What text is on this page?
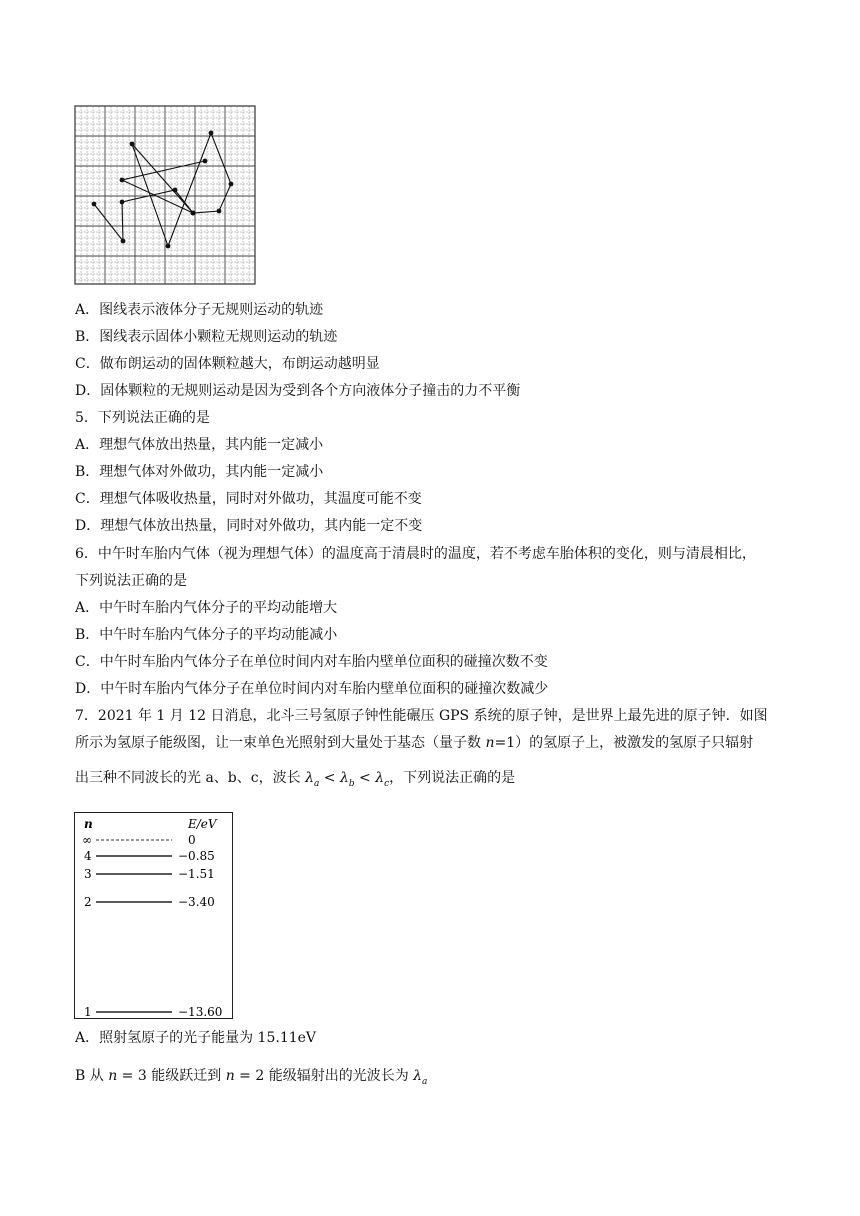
A．图线表示液体分子无规则运动的轨迹
B．图线表示固体小颗粒无规则运动的轨迹
C．做布朗运动的固体颗粒越大，布朗运动越明显
D．固体颗粒的无规则运动是因为受到各个方向液体分子撞击的力不平衡
5．下列说法正确的是
A．理想气体放出热量，其内能一定减小
B．理想气体对外做功，其内能一定减小
C．理想气体吸收热量，同时对外做功，其温度可能不变
D．理想气体放出热量，同时对外做功，其内能一定不变
6．中午时车胎内气体（视为理想气体）的温度高于清晨时的温度，若不考虑车胎体积的变化，则与清晨相比，
下列说法正确的是
A．中午时车胎内气体分子的平均动能增大
B．中午时车胎内气体分子的平均动能减小
C．中午时车胎内气体分子在单位时间内对车胎内壁单位面积的碰撞次数不变
D．中午时车胎内气体分子在单位时间内对车胎内壁单位面积的碰撞次数减少
7．2021 年 1 月 12 日消息，北斗三号氢原子钟性能碾压 GPS 系统的原子钟，是世界上最先进的原子钟．如图
所示为氢原子能级图，让一束单色光照射到大量处于基态（量子数 n=1）的氢原子上，被激发的氢原子只辐射
出三种不同波长的光 a、b、c，波长 $\lambda_a < \lambda_b < \lambda_c$，下列说法正确的是
n	E/eV
∞	0
4	−0.85
3	−1.51
2	−3.40
1	−13.60
A．照射氢原子的光子能量为 15.11eV
B 从 n = 3 能级跃迁到 n = 2 能级辐射出的光波长为 $\lambda_a$
